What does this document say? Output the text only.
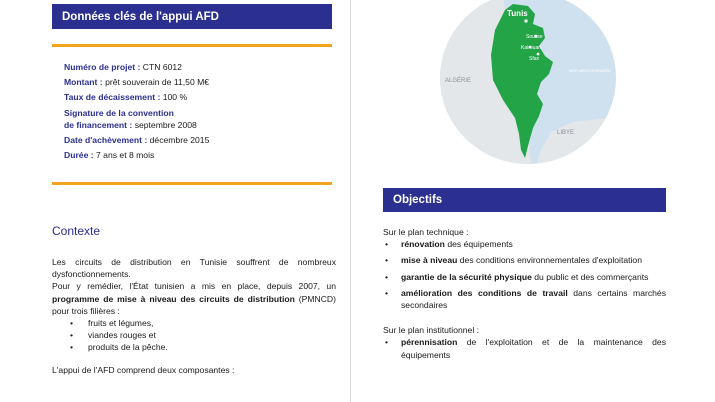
Données clés de l'appui AFD
Numéro de projet : CTN 6012
Montant : prêt souverain de 11,50 M€
Taux de décaissement : 100 %
Signature de la convention
de financement : septembre 2008
Date d'achèvement : décembre 2015
Durée : 7 ans et 8 mois
Contexte

Les circuits de distribution en Tunisie souffrent de nombreux dysfonctionnements.

Pour y remédier, l'État tunisien a mis en place, depuis 2007, un programme de mise à niveau des circuits de distribution (PMNCD) pour trois filières :

• fruits et légumes,
• viandes rouges et
• produits de la pêche.

L'appui de l'AFD comprend deux composantes :

Tunis
Sousse
Kairouan
Sfax
MER MÉDITERRANÉE
ALGÉRIE
LIBYE
Objectifs

Sur le plan technique :

• rénovation des équipements
• mise à niveau des conditions environnementales d'exploitation
• garantie de la sécurité physique du public et des commerçants
• amélioration des conditions de travail dans certains marchés secondaires

Sur le plan institutionnel :

• pérennisation de l'exploitation et de la maintenance des équipements
